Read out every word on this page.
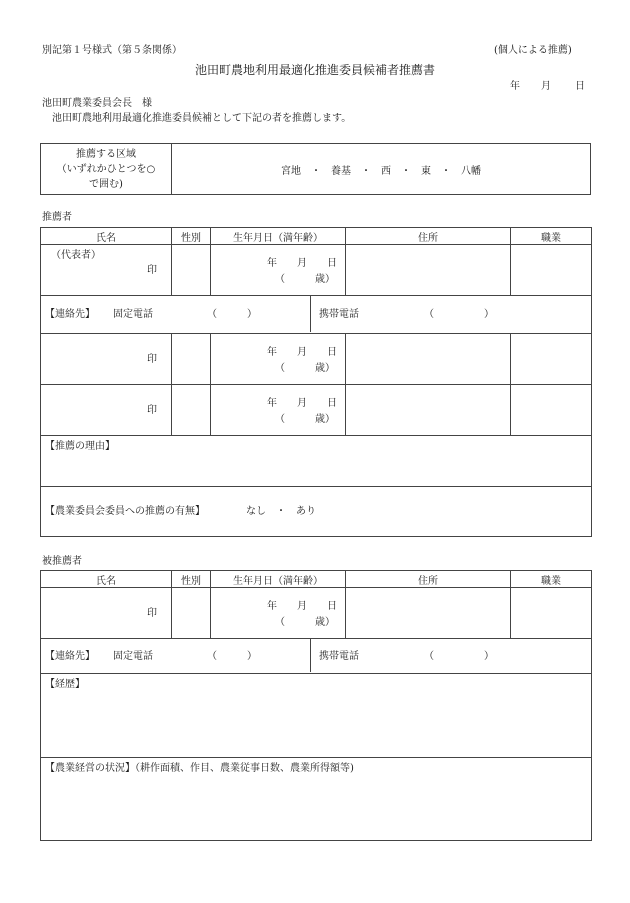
別記第１号様式（第５条関係）	(個人による推薦)
池田町農地利用最適化推進委員候補者推薦書
年 月 日
池田町農業委員会長　様
池田町農地利用最適化推進委員候補として下記の者を推薦します。
推薦する区域
（いずれかひとつを○
で囲む)
	宮地　・　養基　・　西　・　東　・　八幡
推薦者
氏名	性別	生年月日（満年齢）	住所	職業

（代表者）
印		年　　月　　日
（　　　歳）		

【連絡先】 固定電話 （　　　） 携帯電話 （　　　　　）				

印		年　　月　　日
（　　　歳）		

印		年　　月　　日
（　　　歳）		

【推薦の理由】				

【農業委員会委員への推薦の有無】 なし　・　あり				
被推薦者
氏名	性別	生年月日（満年齢）	住所	職業

印		年　　月　　日
（　　　歳）		

【連絡先】 固定電話 （　　　） 携帯電話 （　　　　　）				

【経歴】				

【農業経営の状況】（耕作面積、作目、農業従事日数、農業所得額等)				
